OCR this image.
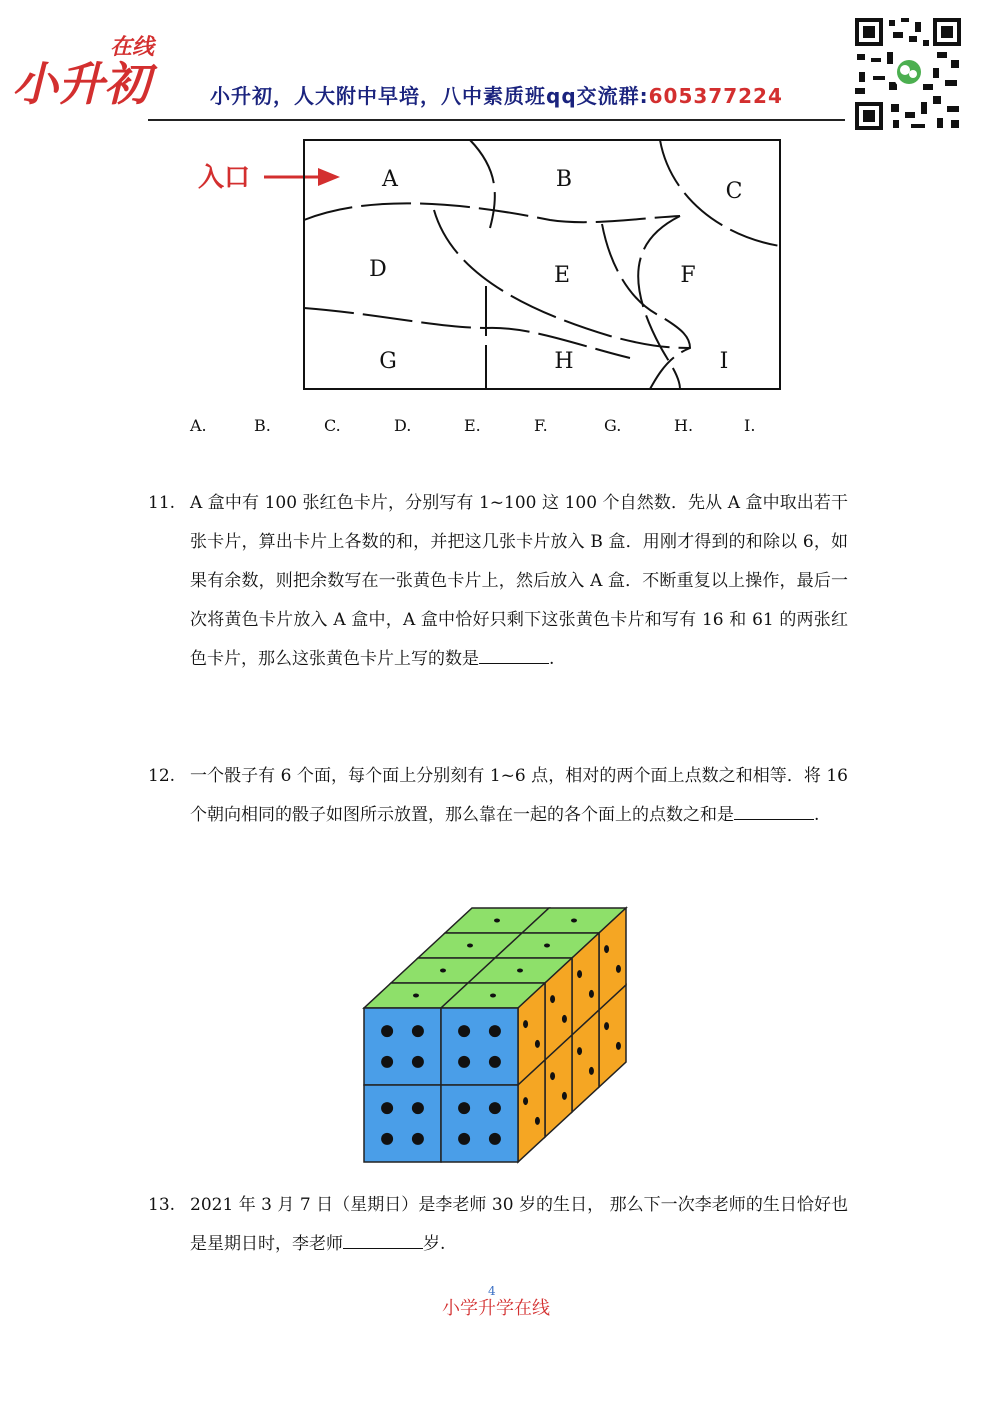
小升初
在线
小升初，人大附中早培，八中素质班qq交流群:605377224
入口	A	B	C
D	E	F
G	H	I
A.	B.	C.	D.	E.	F.	G.	H.	I.
11. A 盒中有 100 张红色卡片，分别写有 1~100 这 100 个自然数．先从 A 盒中取出若干张卡片，算出卡片上各数的和，并把这几张卡片放入 B 盒．用刚才得到的和除以 6，如果有余数，则把余数写在一张黄色卡片上，然后放入 A 盒．不断重复以上操作，最后一次将黄色卡片放入 A 盒中，A 盒中恰好只剩下这张黄色卡片和写有 16 和 61 的两张红色卡片，那么这张黄色卡片上写的数是	.
12. 一个骰子有 6 个面，每个面上分别刻有 1~6 点，相对的两个面上点数之和相等．将 16 个朝向相同的骰子如图所示放置，那么靠在一起的各个面上的点数之和是	.
13. 2021 年 3 月 7 日（星期日）是李老师 30 岁的生日， 那么下一次李老师的生日恰好也是星期日时，李老师	岁.
4
小学升学在线
